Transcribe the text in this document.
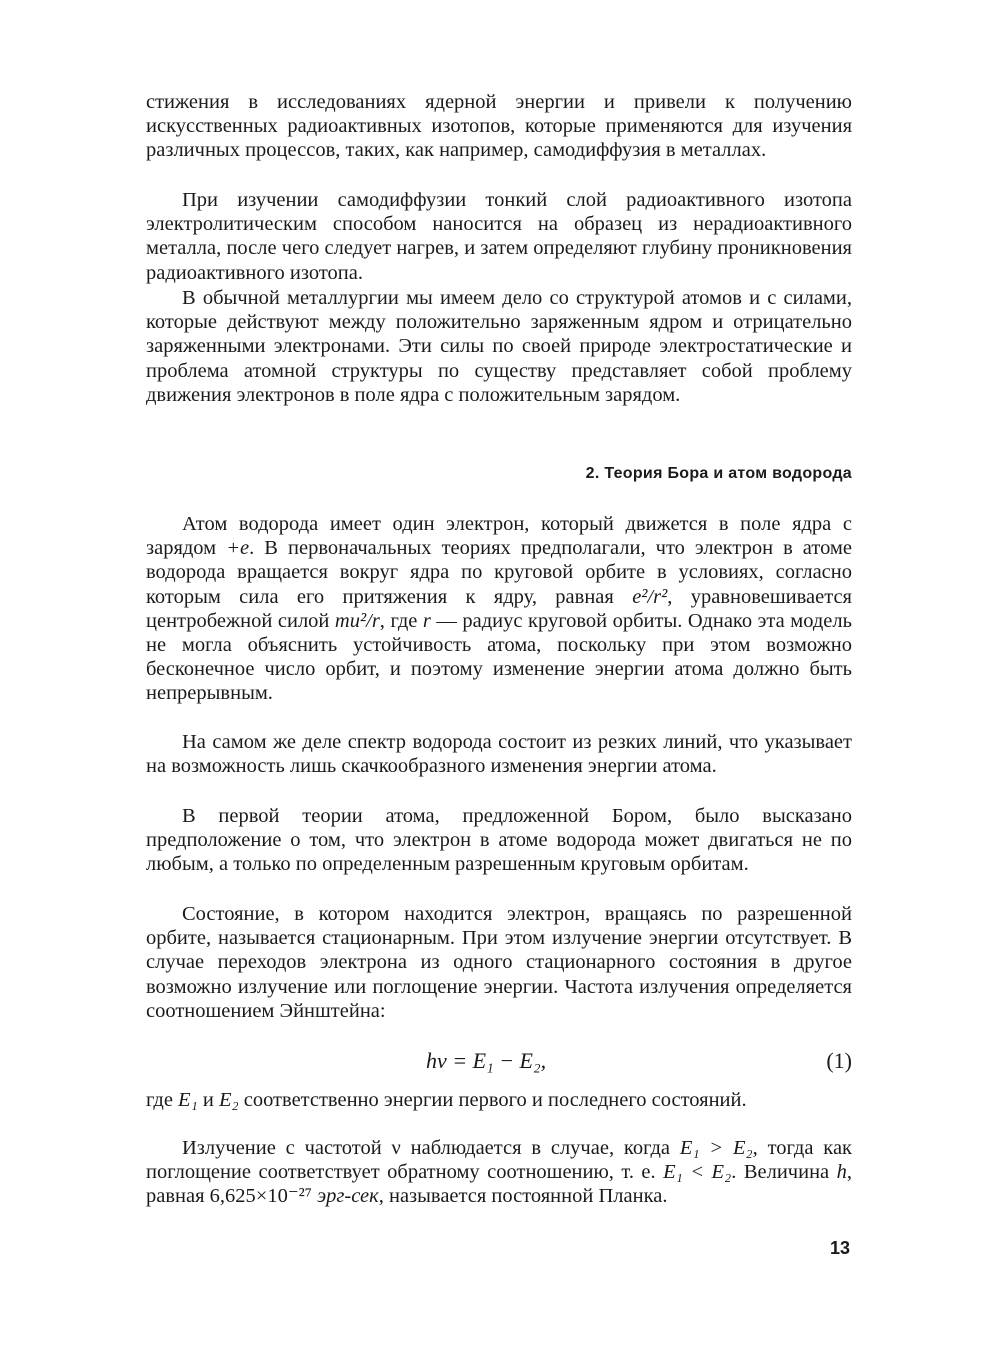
стижения в исследованиях ядерной энергии и привели к получению искусственных радиоактивных изотопов, которые применяются для изучения различных процессов, таких, как например, самодиффузия в металлах.

При изучении самодиффузии тонкий слой радиоактивного изотопа электролитическим способом наносится на образец из нерадиоактивного металла, после чего следует нагрев, и затем определяют глубину проникновения радиоактивного изотопа.

В обычной металлургии мы имеем дело со структурой атомов и с силами, которые действуют между положительно заряженным ядром и отрицательно заряженными электронами. Эти силы по своей природе электростатические и проблема атомной структуры по существу представляет собой проблему движения электронов в поле ядра с положительным зарядом.

2. Теория Бора и атом водорода

Атом водорода имеет один электрон, который движется в поле ядра с зарядом +e. В первоначальных теориях предполагали, что электрон в атоме водорода вращается вокруг ядра по круговой орбите в условиях, согласно которым сила его притяжения к ядру, равная e²/r², уравновешивается центробежной силой mu²/r, где r — радиус круговой орбиты. Однако эта модель не могла объяснить устойчивость атома, поскольку при этом возможно бесконечное число орбит, и поэтому изменение энергии атома должно быть непрерывным.

На самом же деле спектр водорода состоит из резких линий, что указывает на возможность лишь скачкообразного изменения энергии атома.

В первой теории атома, предложенной Бором, было высказано предположение о том, что электрон в атоме водорода может двигаться не по любым, а только по определенным разрешенным круговым орбитам.

Состояние, в котором находится электрон, вращаясь по разрешенной орбите, называется стационарным. При этом излучение энергии отсутствует. В случае переходов электрона из одного стационарного состояния в другое возможно излучение или поглощение энергии. Частота излучения определяется соотношением Эйнштейна:

hν = E₁ − E₂,	(1)

где E₁ и E₂ соответственно энергии первого и последнего состояний.

Излучение с частотой ν наблюдается в случае, когда E₁ > E₂, тогда как поглощение соответствует обратному соотношению, т. е. E₁ < E₂. Величина h, равная 6,625×10⁻²⁷ эрг-сек, называется постоянной Планка.

13
